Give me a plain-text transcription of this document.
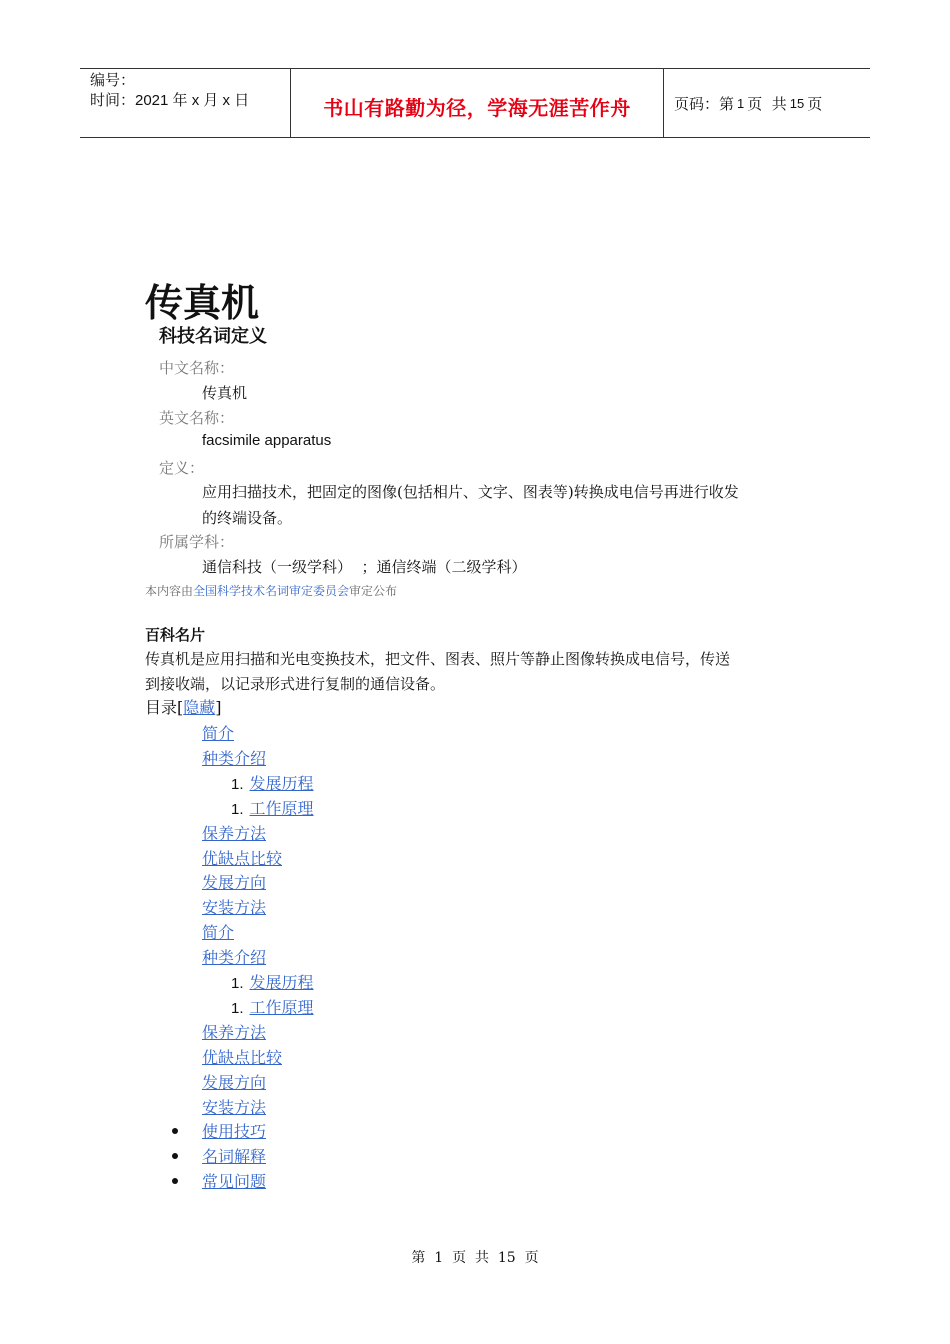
编号：
时间：2021 年 x 月 x 日	书山有路勤为径，学海无涯苦作舟	页码：第 1 页  共 15 页
传真机
科技名词定义
中文名称：
传真机
英文名称：
facsimile apparatus
定义：
应用扫描技术，把固定的图像(包括相片、文字、图表等)转换成电信号再进行收发
的终端设备。
所属学科：
通信科技（一级学科）  ；通信终端（二级学科）
本内容由全国科学技术名词审定委员会审定公布
百科名片
传真机是应用扫描和光电变换技术，把文件、图表、照片等静止图像转换成电信号，传送
到接收端，以记录形式进行复制的通信设备。
目录[隐藏]
简介
种类介绍
1. 发展历程
1. 工作原理
保养方法
优缺点比较
发展方向
安装方法
简介
种类介绍
1. 发展历程
1. 工作原理
保养方法
优缺点比较
发展方向
安装方法
使用技巧
名词解释
常见问题
第  1  页  共  15  页
